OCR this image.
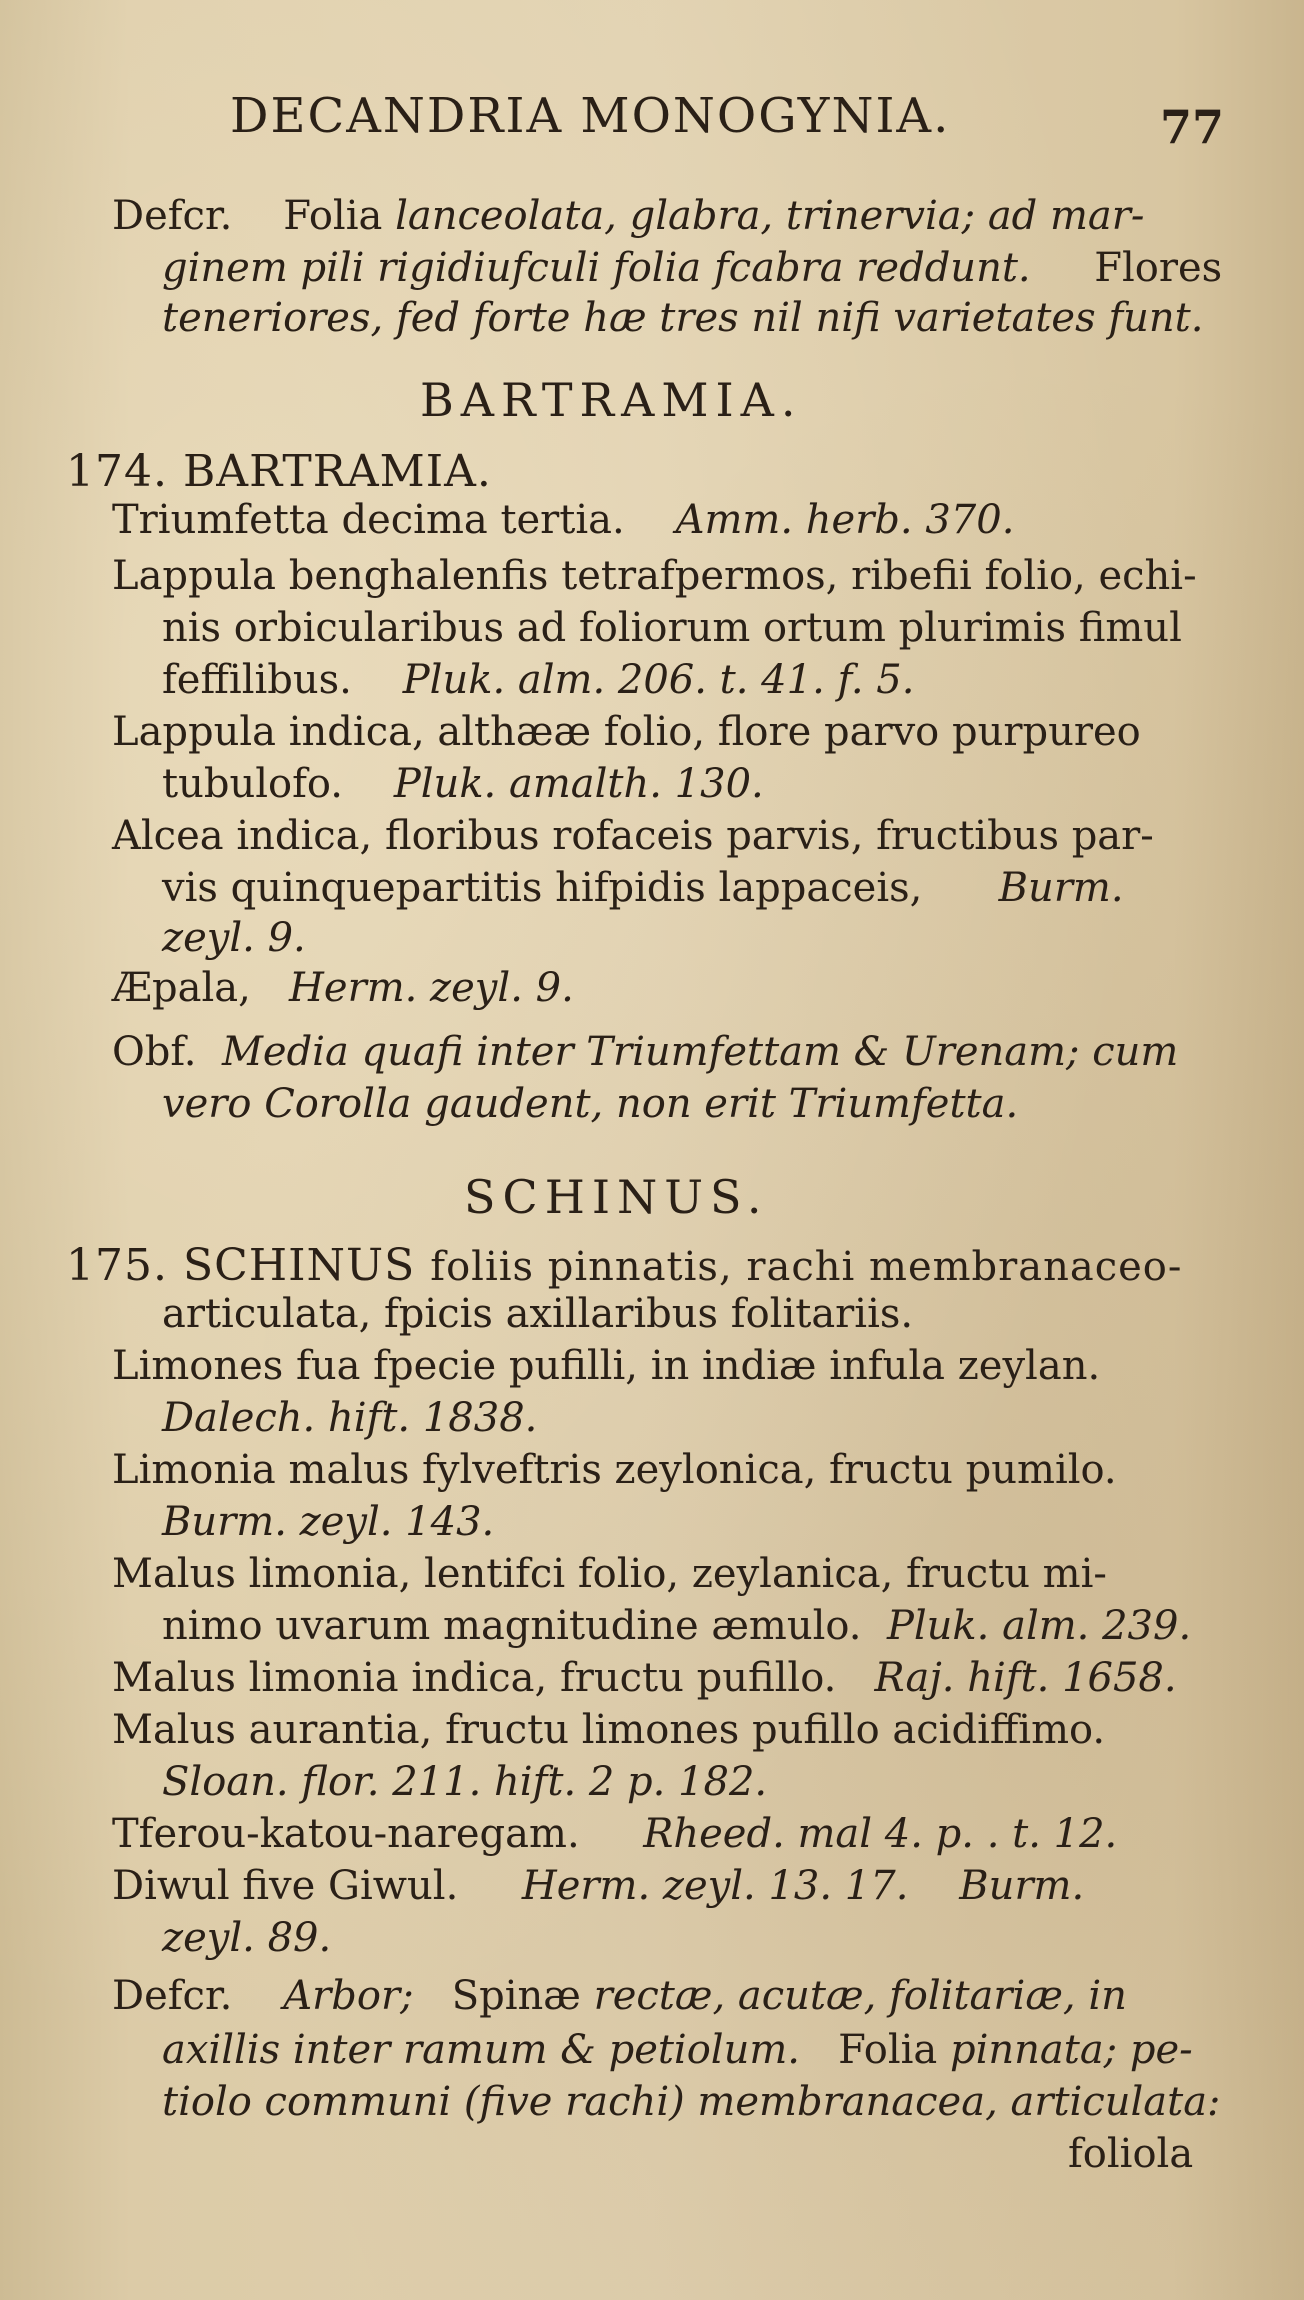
DECANDRIA MONOGYNIA.	77
Defcr. Folia lanceolata, glabra, trinervia; ad mar-
ginem pili rigidiufculi folia fcabra reddunt. Flores
teneriores, fed forte hæ tres nil nifi varietates funt.
BARTRAMIA.
174. BARTRAMIA.
Triumfetta decima tertia. Amm. herb. 370.
Lappula benghalenfis tetrafpermos, ribefii folio, echi-
nis orbicularibus ad foliorum ortum plurimis fimul
feffilibus. Pluk. alm. 206. t. 41. f. 5.
Lappula indica, althææ folio, flore parvo purpureo
tubulofo. Pluk. amalth. 130.
Alcea indica, floribus rofaceis parvis, fructibus par-
vis quinquepartitis hifpidis lappaceis, Burm.
zeyl. 9.
Æpala, Herm. zeyl. 9.
Obf. Media quafi inter Triumfettam & Urenam; cum
vero Corolla gaudent, non erit Triumfetta.
SCHINUS.
175. SCHINUS foliis pinnatis, rachi membranaceo-
articulata, fpicis axillaribus folitariis.
Limones fua fpecie pufilli, in indiæ infula zeylan.
Dalech. hift. 1838.
Limonia malus fylveftris zeylonica, fructu pumilo.
Burm. zeyl. 143.
Malus limonia, lentifci folio, zeylanica, fructu mi-
nimo uvarum magnitudine æmulo. Pluk. alm. 239.
Malus limonia indica, fructu pufillo. Raj. hift. 1658.
Malus aurantia, fructu limones pufillo acidiffimo.
Sloan. flor. 211. hift. 2 p. 182.
Tferou-katou-naregam. Rheed. mal 4. p. . t. 12.
Diwul five Giwul. Herm. zeyl. 13. 17. Burm.
zeyl. 89.
Defcr. Arbor; Spinæ rectæ, acutæ, folitariæ, in
axillis inter ramum & petiolum. Folia pinnata; pe-
tiolo communi (five rachi) membranacea, articulata:
foliola
